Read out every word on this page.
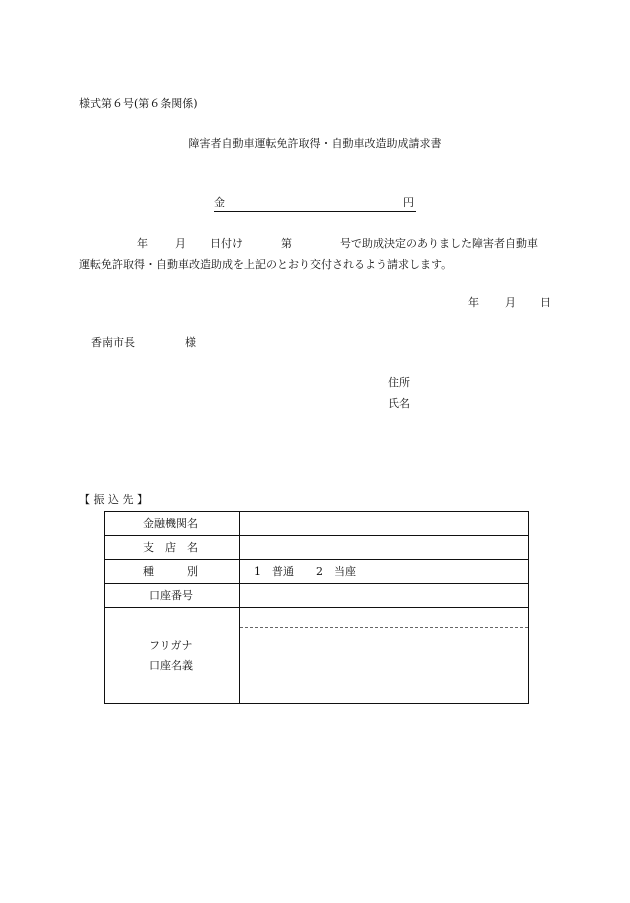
様式第６号(第６条関係)
障害者自動車運転免許取得・自動車改造助成請求書
金	円
年 月 日付け	第	号で助成決定のありました障害者自動車
運転免許取得・自動車改造助成を上記のとおり交付されるよう請求します。
年 月 日
香南市長	様
住所
氏名
【 振 込 先 】
金融機関名
支　店　名
種　　　別	1　普通　　2　当座
口座番号
フリガナ
口座名義
